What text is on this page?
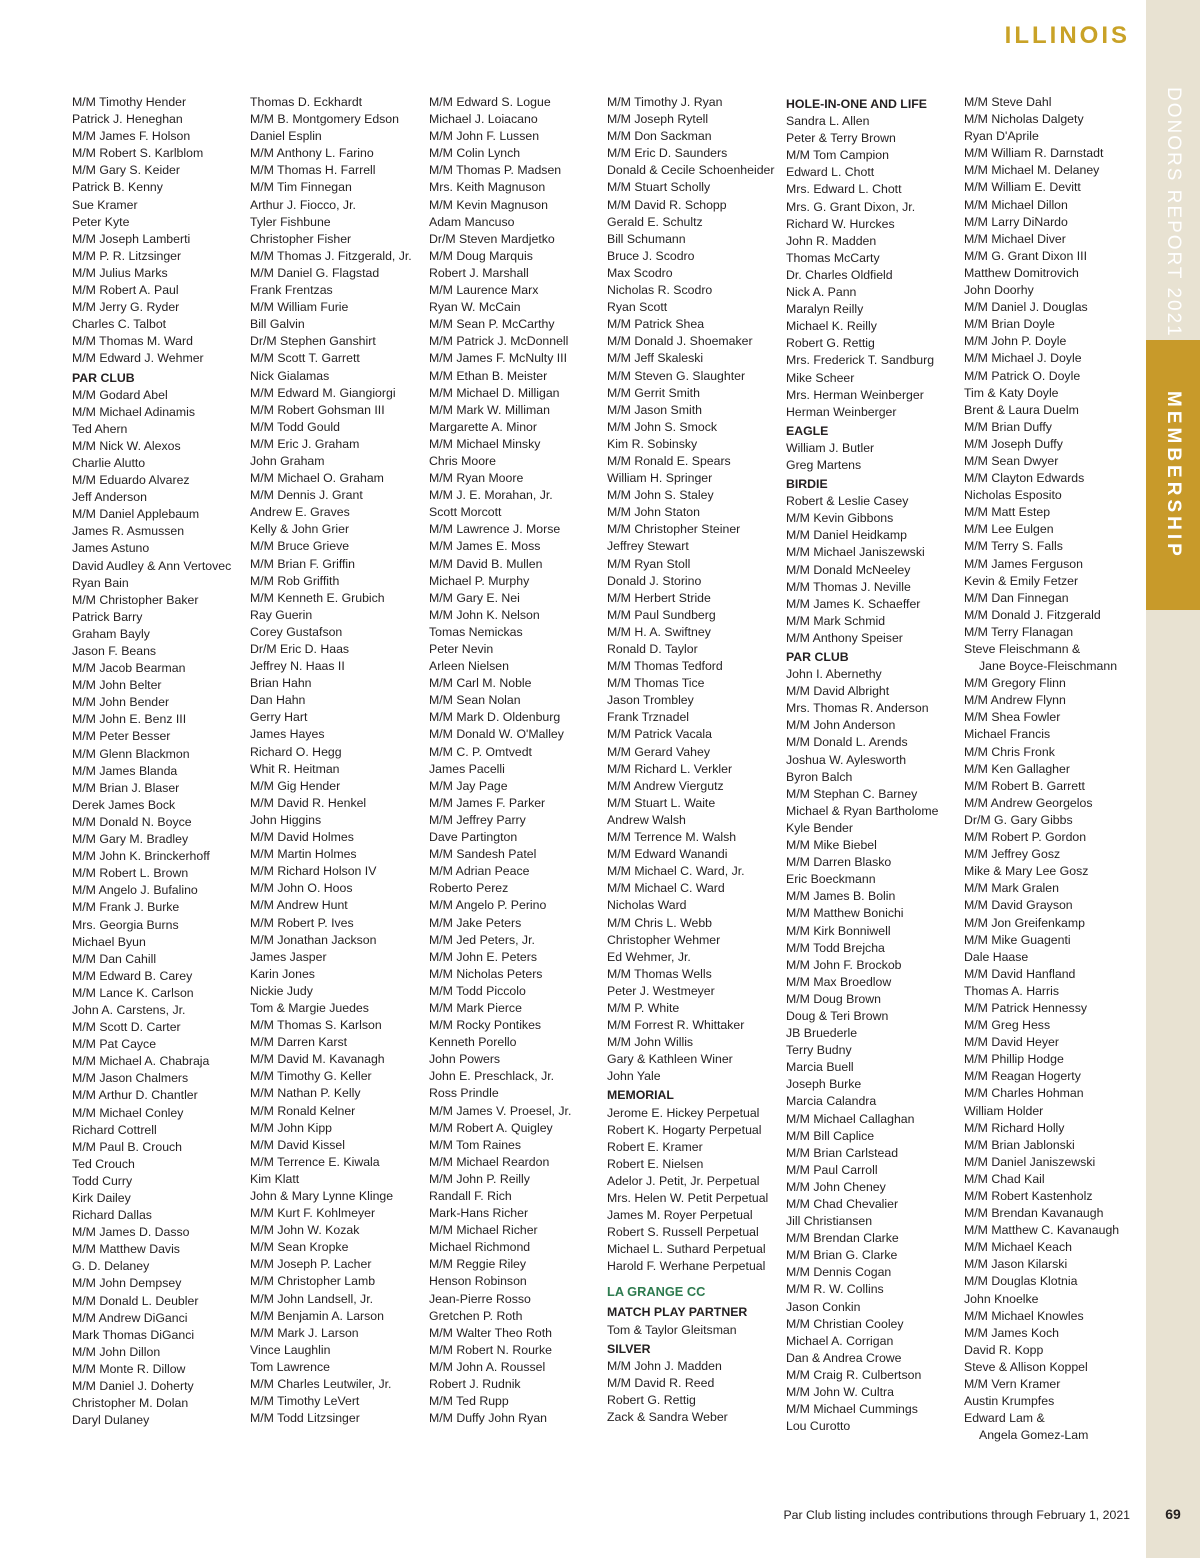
ILLINOIS
DONORS REPORT 2021
MEMBERSHIP
M/M Timothy Hender
Patrick J. Heneghan
M/M James F. Holson
M/M Robert S. Karlblom
M/M Gary S. Keider
Patrick B. Kenny
Sue Kramer
Peter Kyte
M/M Joseph Lamberti
M/M P. R. Litzsinger
M/M Julius Marks
M/M Robert A. Paul
M/M Jerry G. Ryder
Charles C. Talbot
M/M Thomas M. Ward
M/M Edward J. Wehmer
PAR CLUB
M/M Godard Abel
M/M Michael Adinamis
Ted Ahern
M/M Nick W. Alexos
Charlie Alutto
M/M Eduardo Alvarez
Jeff Anderson
M/M Daniel Applebaum
James R. Asmussen
James Astuno
David Audley & Ann Vertovec
Ryan Bain
M/M Christopher Baker
Patrick Barry
Graham Bayly
Jason F. Beans
M/M Jacob Bearman
M/M John Belter
M/M John Bender
M/M John E. Benz III
M/M Peter Besser
M/M Glenn Blackmon
M/M James Blanda
M/M Brian J. Blaser
Derek James Bock
M/M Donald N. Boyce
M/M Gary M. Bradley
M/M John K. Brinckerhoff
M/M Robert L. Brown
M/M Angelo J. Bufalino
M/M Frank J. Burke
Mrs. Georgia Burns
Michael Byun
M/M Dan Cahill
M/M Edward B. Carey
M/M Lance K. Carlson
John A. Carstens, Jr.
M/M Scott D. Carter
M/M Pat Cayce
M/M Michael A. Chabraja
M/M Jason Chalmers
M/M Arthur D. Chantler
M/M Michael Conley
Richard Cottrell
M/M Paul B. Crouch
Ted Crouch
Todd Curry
Kirk Dailey
Richard Dallas
M/M James D. Dasso
M/M Matthew Davis
G. D. Delaney
M/M John Dempsey
M/M Donald L. Deubler
M/M Andrew DiGanci
Mark Thomas DiGanci
M/M John Dillon
M/M Monte R. Dillow
M/M Daniel J. Doherty
Christopher M. Dolan
Daryl Dulaney
Thomas D. Eckhardt
M/M B. Montgomery Edson
Daniel Esplin
M/M Anthony L. Farino
M/M Thomas H. Farrell
M/M Tim Finnegan
Arthur J. Fiocco, Jr.
Tyler Fishbune
Christopher Fisher
M/M Thomas J. Fitzgerald, Jr.
M/M Daniel G. Flagstad
Frank Frentzas
M/M William Furie
Bill Galvin
Dr/M Stephen Ganshirt
M/M Scott T. Garrett
Nick Gialamas
M/M Edward M. Giangiorgi
M/M Robert Gohsman III
M/M Todd Gould
M/M Eric J. Graham
John Graham
M/M Michael O. Graham
M/M Dennis J. Grant
Andrew E. Graves
Kelly & John Grier
M/M Bruce Grieve
M/M Brian F. Griffin
M/M Rob Griffith
M/M Kenneth E. Grubich
Ray Guerin
Corey Gustafson
Dr/M Eric D. Haas
Jeffrey N. Haas II
Brian Hahn
Dan Hahn
Gerry Hart
James Hayes
Richard O. Hegg
Whit R. Heitman
M/M Gig Hender
M/M David R. Henkel
John Higgins
M/M David Holmes
M/M Martin Holmes
M/M Richard Holson IV
M/M John O. Hoos
M/M Andrew Hunt
M/M Robert P. Ives
M/M Jonathan Jackson
James Jasper
Karin Jones
Nickie Judy
Tom & Margie Juedes
M/M Thomas S. Karlson
M/M Darren Karst
M/M David M. Kavanagh
M/M Timothy G. Keller
M/M Nathan P. Kelly
M/M Ronald Kelner
M/M John Kipp
M/M David Kissel
M/M Terrence E. Kiwala
Kim Klatt
John & Mary Lynne Klinge
M/M Kurt F. Kohlmeyer
M/M John W. Kozak
M/M Sean Kropke
M/M Joseph P. Lacher
M/M Christopher Lamb
M/M John Landsell, Jr.
M/M Benjamin A. Larson
M/M Mark J. Larson
Vince Laughlin
Tom Lawrence
M/M Charles Leutwiler, Jr.
M/M Timothy LeVert
M/M Todd Litzsinger
M/M Edward S. Logue
Michael J. Loiacano
M/M John F. Lussen
M/M Colin Lynch
M/M Thomas P. Madsen
Mrs. Keith Magnuson
M/M Kevin Magnuson
Adam Mancuso
Dr/M Steven Mardjetko
M/M Doug Marquis
Robert J. Marshall
M/M Laurence Marx
Ryan W. McCain
M/M Sean P. McCarthy
M/M Patrick J. McDonnell
M/M James F. McNulty III
M/M Ethan B. Meister
M/M Michael D. Milligan
M/M Mark W. Milliman
Margarette A. Minor
M/M Michael Minsky
Chris Moore
M/M Ryan Moore
M/M J. E. Morahan, Jr.
Scott Morcott
M/M Lawrence J. Morse
M/M James E. Moss
M/M David B. Mullen
Michael P. Murphy
M/M Gary E. Nei
M/M John K. Nelson
Tomas Nemickas
Peter Nevin
Arleen Nielsen
M/M Carl M. Noble
M/M Sean Nolan
M/M Mark D. Oldenburg
M/M Donald W. O'Malley
M/M C. P. Omtvedt
James Pacelli
M/M Jay Page
M/M James F. Parker
M/M Jeffrey Parry
Dave Partington
M/M Sandesh Patel
M/M Adrian Peace
Roberto Perez
M/M Angelo P. Perino
M/M Jake Peters
M/M Jed Peters, Jr.
M/M John E. Peters
M/M Nicholas Peters
M/M Todd Piccolo
M/M Mark Pierce
M/M Rocky Pontikes
Kenneth Porello
John Powers
John E. Preschlack, Jr.
Ross Prindle
M/M James V. Proesel, Jr.
M/M Robert A. Quigley
M/M Tom Raines
M/M Michael Reardon
M/M John P. Reilly
Randall F. Rich
Mark-Hans Richer
M/M Michael Richer
Michael Richmond
M/M Reggie Riley
Henson Robinson
Jean-Pierre Rosso
Gretchen P. Roth
M/M Walter Theo Roth
M/M Robert N. Rourke
M/M John A. Roussel
Robert J. Rudnik
M/M Ted Rupp
M/M Duffy John Ryan
M/M Timothy J. Ryan
M/M Joseph Rytell
M/M Don Sackman
M/M Eric D. Saunders
Donald & Cecile Schoenheider
M/M Stuart Scholly
M/M David R. Schopp
Gerald E. Schultz
Bill Schumann
Bruce J. Scodro
Max Scodro
Nicholas R. Scodro
Ryan Scott
M/M Patrick Shea
M/M Donald J. Shoemaker
M/M Jeff Skaleski
M/M Steven G. Slaughter
M/M Gerrit Smith
M/M Jason Smith
M/M John S. Smock
Kim R. Sobinsky
M/M Ronald E. Spears
William H. Springer
M/M John S. Staley
M/M John Staton
M/M Christopher Steiner
Jeffrey Stewart
M/M Ryan Stoll
Donald J. Storino
M/M Herbert Stride
M/M Paul Sundberg
M/M H. A. Swiftney
Ronald D. Taylor
M/M Thomas Tedford
M/M Thomas Tice
Jason Trombley
Frank Trznadel
M/M Patrick Vacala
M/M Gerard Vahey
M/M Richard L. Verkler
M/M Andrew Viergutz
M/M Stuart L. Waite
Andrew Walsh
M/M Terrence M. Walsh
M/M Edward Wanandi
M/M Michael C. Ward, Jr.
M/M Michael C. Ward
Nicholas Ward
M/M Chris L. Webb
Christopher Wehmer
Ed Wehmer, Jr.
M/M Thomas Wells
Peter J. Westmeyer
M/M P. White
M/M Forrest R. Whittaker
M/M John Willis
Gary & Kathleen Winer
John Yale
MEMORIAL
Jerome E. Hickey Perpetual
Robert K. Hogarty Perpetual
Robert E. Kramer
Robert E. Nielsen
Adelor J. Petit, Jr. Perpetual
Mrs. Helen W. Petit Perpetual
James M. Royer Perpetual
Robert S. Russell Perpetual
Michael L. Suthard Perpetual
Harold F. Werhane Perpetual
LA GRANGE CC
MATCH PLAY PARTNER
Tom & Taylor Gleitsman
SILVER
M/M John J. Madden
M/M David R. Reed
Robert G. Rettig
Zack & Sandra Weber
HOLE-IN-ONE AND LIFE
Sandra L. Allen
Peter & Terry Brown
M/M Tom Campion
Edward L. Chott
Mrs. Edward L. Chott
Mrs. G. Grant Dixon, Jr.
Richard W. Hurckes
John R. Madden
Thomas McCarty
Dr. Charles Oldfield
Nick A. Pann
Maralyn Reilly
Michael K. Reilly
Robert G. Rettig
Mrs. Frederick T. Sandburg
Mike Scheer
Mrs. Herman Weinberger
Herman Weinberger
EAGLE
William J. Butler
Greg Martens
BIRDIE
Robert & Leslie Casey
M/M Kevin Gibbons
M/M Daniel Heidkamp
M/M Michael Janiszewski
M/M Donald McNeeley
M/M Thomas J. Neville
M/M James K. Schaeffer
M/M Mark Schmid
M/M Anthony Speiser
PAR CLUB
John I. Abernethy
M/M David Albright
Mrs. Thomas R. Anderson
M/M John Anderson
M/M Donald L. Arends
Joshua W. Aylesworth
Byron Balch
M/M Stephan C. Barney
Michael & Ryan Bartholome
Kyle Bender
M/M Mike Biebel
M/M Darren Blasko
Eric Boeckmann
M/M James B. Bolin
M/M Matthew Bonichi
M/M Kirk Bonniwell
M/M Todd Brejcha
M/M John F. Brockob
M/M Max Broedlow
M/M Doug Brown
Doug & Teri Brown
JB Bruederle
Terry Budny
Marcia Buell
Joseph Burke
Marcia Calandra
M/M Michael Callaghan
M/M Bill Caplice
M/M Brian Carlstead
M/M Paul Carroll
M/M John Cheney
M/M Chad Chevalier
Jill Christiansen
M/M Brendan Clarke
M/M Brian G. Clarke
M/M Dennis Cogan
M/M R. W. Collins
Jason Conkin
M/M Christian Cooley
Michael A. Corrigan
Dan & Andrea Crowe
M/M Craig R. Culbertson
M/M John W. Cultra
M/M Michael Cummings
Lou Curotto
M/M Steve Dahl
M/M Nicholas Dalgety
Ryan D'Aprile
M/M William R. Darnstadt
M/M Michael M. Delaney
M/M William E. Devitt
M/M Michael Dillon
M/M Larry DiNardo
M/M Michael Diver
M/M G. Grant Dixon III
Matthew Domitrovich
John Doorhy
M/M Daniel J. Douglas
M/M Brian Doyle
M/M John P. Doyle
M/M Michael J. Doyle
M/M Patrick O. Doyle
Tim & Katy Doyle
Brent & Laura Duelm
M/M Brian Duffy
M/M Joseph Duffy
M/M Sean Dwyer
M/M Clayton Edwards
Nicholas Esposito
M/M Matt Estep
M/M Lee Eulgen
M/M Terry S. Falls
M/M James Ferguson
Kevin & Emily Fetzer
M/M Dan Finnegan
M/M Donald J. Fitzgerald
M/M Terry Flanagan
Steve Fleischmann &
Jane Boyce-Fleischmann
M/M Gregory Flinn
M/M Andrew Flynn
M/M Shea Fowler
Michael Francis
M/M Chris Fronk
M/M Ken Gallagher
M/M Robert B. Garrett
M/M Andrew Georgelos
Dr/M G. Gary Gibbs
M/M Robert P. Gordon
M/M Jeffrey Gosz
Mike & Mary Lee Gosz
M/M Mark Gralen
M/M David Grayson
M/M Jon Greifenkamp
M/M Mike Guagenti
Dale Haase
M/M David Hanfland
Thomas A. Harris
M/M Patrick Hennessy
M/M Greg Hess
M/M David Heyer
M/M Phillip Hodge
M/M Reagan Hogerty
M/M Charles Hohman
William Holder
M/M Richard Holly
M/M Brian Jablonski
M/M Daniel Janiszewski
M/M Chad Kail
M/M Robert Kastenholz
M/M Brendan Kavanaugh
M/M Matthew C. Kavanaugh
M/M Michael Keach
M/M Jason Kilarski
M/M Douglas Klotnia
John Knoelke
M/M Michael Knowles
M/M James Koch
David R. Kopp
Steve & Allison Koppel
M/M Vern Kramer
Austin Krumpfes
Edward Lam &
Angela Gomez-Lam
Par Club listing includes contributions through February 1, 2021	69
